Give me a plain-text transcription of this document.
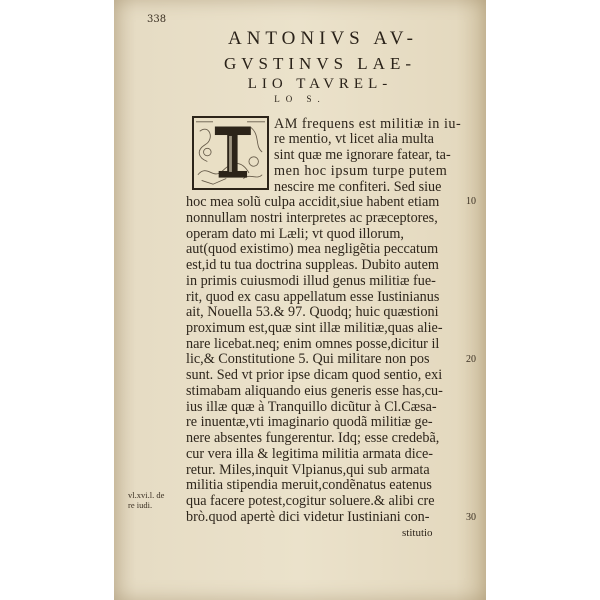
338
ANTONIVS AV-
GVSTINVS LAE-
LIO TAVREL-
LO S.
AM frequens est militiæ in iu-
re mentio, vt licet alia multa
sint quæ me ignorare fatear, ta-
men hoc ipsum turpe putem
nescire me confiteri. Sed siue
hoc mea solũ culpa accidit,siue habent etiam
nonnullam nostri interpretes ac præceptores,
operam dato mi Læli; vt quod illorum,
aut(quod existimo) mea negligẽtia peccatum
est,id tu tua doctrina suppleas. Dubito autem
in primis cuiusmodi illud genus militiæ fue-
rit, quod ex casu appellatum esse Iustinianus
ait, Nouella 53.& 97. Quodq; huic quæstioni
proximum est,quæ sint illæ militiæ,quas alie-
nare licebat.neq; enim omnes posse,dicitur il
lic,& Constitutione 5. Qui militare non pos
sunt. Sed vt prior ipse dicam quod sentio, exi
stimabam aliquando eius generis esse has,cu-
ius illæ quæ à Tranquillo dicũtur à Cl.Cæsa-
re inuentæ,vti imaginario quodã militiæ ge-
nere absentes fungerentur. Idq; esse credebã,
cur vera illa & legitima militia armata dice-
retur. Miles,inquit Vlpianus,qui sub armata
militia stipendia meruit,condẽnatus eatenus
qua facere potest,cogitur soluere.& alibi cre
brò.quod apertè dici videtur Iustiniani con-
stitutio
10
20
30
vl.xvi.l. de
re iudi.
